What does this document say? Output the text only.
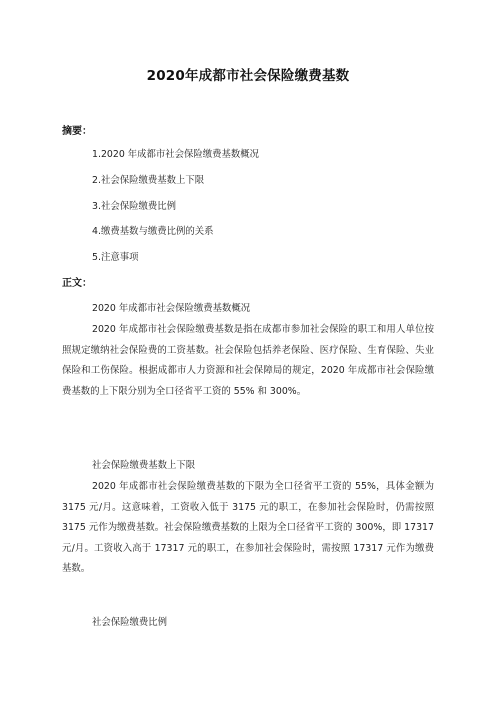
2020年成都市社会保险缴费基数
摘要：
1.2020 年成都市社会保险缴费基数概况
2.社会保险缴费基数上下限
3.社会保险缴费比例
4.缴费基数与缴费比例的关系
5.注意事项
正文：
2020 年成都市社会保险缴费基数概况

2020 年成都市社会保险缴费基数是指在成都市参加社会保险的职工和用人单位按照规定缴纳社会保险费的工资基数。社会保险包括养老保险、医疗保险、生育保险、失业保险和工伤保险。根据成都市人力资源和社会保障局的规定，2020 年成都市社会保险缴费基数的上下限分别为全口径省平工资的 55% 和 300%。

社会保险缴费基数上下限

2020 年成都市社会保险缴费基数的下限为全口径省平工资的 55%，具体金额为 3175 元/月。这意味着，工资收入低于 3175 元的职工，在参加社会保险时，仍需按照 3175 元作为缴费基数。社会保险缴费基数的上限为全口径省平工资的 300%，即 17317 元/月。工资收入高于 17317 元的职工，在参加社会保险时，需按照 17317 元作为缴费基数。

社会保险缴费比例
